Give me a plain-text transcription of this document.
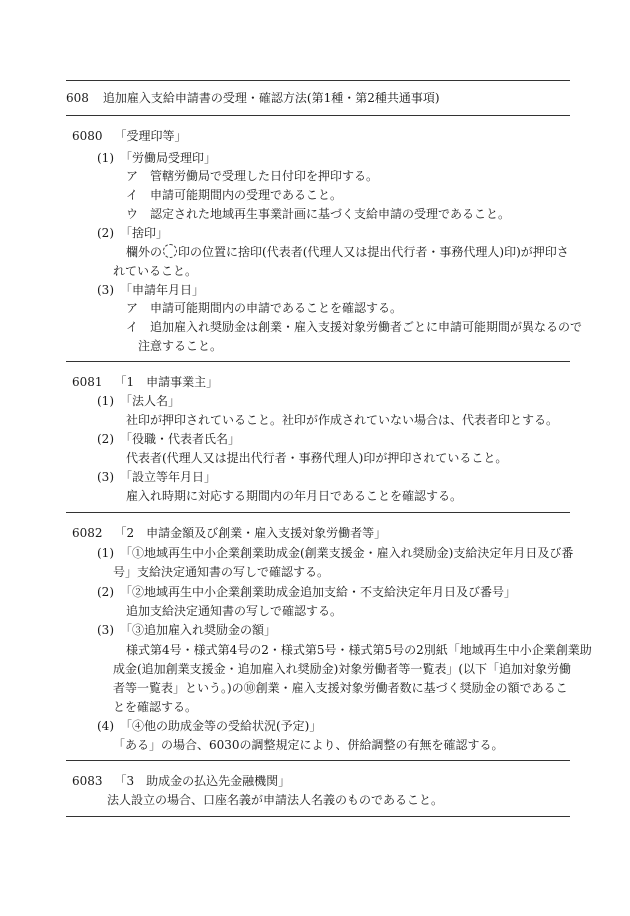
608 追加雇入支給申請書の受理・確認方法(第1種・第2種共通事項)
6080 「受理印等」
(1) 「労働局受理印」
ア　管轄労働局で受理した日付印を押印する。
イ　申請可能期間内の受理であること。
ウ　認定された地域再生事業計画に基づく支給申請の受理であること。
(2) 「捨印」
欄外の 印の位置に捨印(代表者(代理人又は提出代行者・事務代理人)印)が押印さ
れていること。
(3) 「申請年月日」
ア　申請可能期間内の申請であることを確認する。
イ　追加雇入れ奨励金は創業・雇入支援対象労働者ごとに申請可能期間が異なるので
注意すること。
6081 「1　申請事業主」
(1) 「法人名」
社印が押印されていること。社印が作成されていない場合は、代表者印とする。
(2) 「役職・代表者氏名」
代表者(代理人又は提出代行者・事務代理人)印が押印されていること。
(3) 「設立等年月日」
雇入れ時期に対応する期間内の年月日であることを確認する。
6082 「2　申請金額及び創業・雇入支援対象労働者等」
(1) 「①地域再生中小企業創業助成金(創業支援金・雇入れ奨励金)支給決定年月日及び番
号」支給決定通知書の写しで確認する。
(2) 「②地域再生中小企業創業助成金追加支給・不支給決定年月日及び番号」
追加支給決定通知書の写しで確認する。
(3) 「③追加雇入れ奨励金の額」
様式第4号・様式第4号の2・様式第5号・様式第5号の2別紙「地域再生中小企業創業助
成金(追加創業支援金・追加雇入れ奨励金)対象労働者等一覧表」(以下「追加対象労働
者等一覧表」という。)の⑩創業・雇入支援対象労働者数に基づく奨励金の額であるこ
とを確認する。
(4) 「④他の助成金等の受給状況(予定)」
「ある」の場合、6030の調整規定により、併給調整の有無を確認する。
6083 「3　助成金の払込先金融機関」
法人設立の場合、口座名義が申請法人名義のものであること。
